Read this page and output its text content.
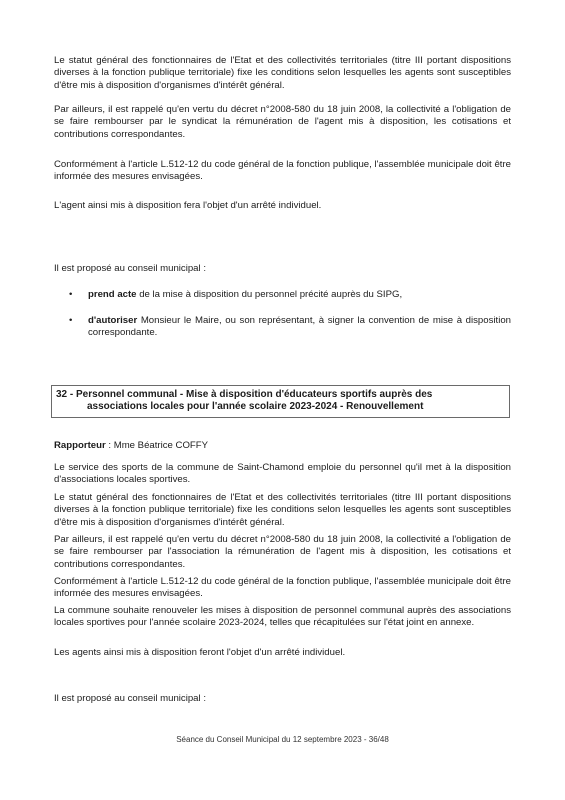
Le statut général des fonctionnaires de l'Etat et des collectivités territoriales (titre III portant dispositions diverses à la fonction publique territoriale) fixe les conditions selon lesquelles les agents sont susceptibles d'être mis à disposition d'organismes d'intérêt général.

Par ailleurs, il est rappelé qu'en vertu du décret n°2008-580 du 18 juin 2008, la collectivité a l'obligation de se faire rembourser par le syndicat la rémunération de l'agent mis à disposition, les cotisations et contributions correspondantes.

Conformément à l'article L.512-12 du code général de la fonction publique, l'assemblée municipale doit être informée des mesures envisagées.

L'agent ainsi mis à disposition fera l'objet d'un arrêté individuel.

Il est proposé au conseil municipal :

• prend acte de la mise à disposition du personnel précité auprès du SIPG,

• d'autoriser Monsieur le Maire, ou son représentant, à signer la convention de mise à disposition correspondante.

32 - Personnel communal - Mise à disposition d'éducateurs sportifs auprès des
associations locales pour l'année scolaire 2023-2024 - Renouvellement

Rapporteur : Mme Béatrice COFFY

Le service des sports de la commune de Saint-Chamond emploie du personnel qu'il met à la disposition d'associations locales sportives.

Le statut général des fonctionnaires de l'Etat et des collectivités territoriales (titre III portant dispositions diverses à la fonction publique territoriale) fixe les conditions selon lesquelles les agents sont susceptibles d'être mis à disposition d'organismes d'intérêt général.

Par ailleurs, il est rappelé qu'en vertu du décret n°2008-580 du 18 juin 2008, la collectivité a l'obligation de se faire rembourser par l'association la rémunération de l'agent mis à disposition, les cotisations et contributions correspondantes.

Conformément à l'article L.512-12 du code général de la fonction publique, l'assemblée municipale doit être informée des mesures envisagées.

La commune souhaite renouveler les mises à disposition de personnel communal auprès des associations locales sportives pour l'année scolaire 2023-2024, telles que récapitulées sur l'état joint en annexe.

Les agents ainsi mis à disposition feront l'objet d'un arrêté individuel.

Il est proposé au conseil municipal :

Séance du Conseil Municipal du 12 septembre 2023 - 36/48
